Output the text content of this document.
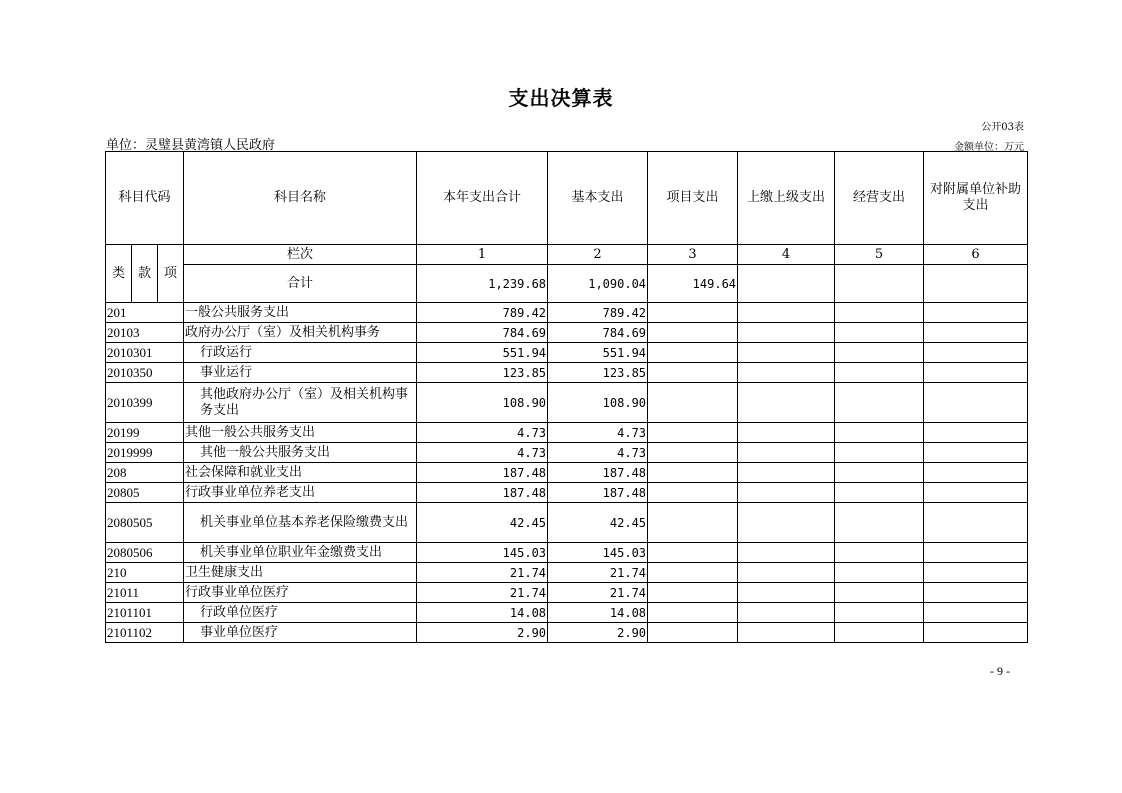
支出决算表
公开03表
单位：灵璧县黄湾镇人民政府	金额单位：万元
科目代码			科目名称	本年支出合计	基本支出	项目支出	上缴上级支出	经营支出	对附属单位补助支出
类	款	项	栏次	1	2	3	4	5	6
			合计	1,239.68	1,090.04	149.64			
201			一般公共服务支出	789.42	789.42				
20103			政府办公厅（室）及相关机构事务	784.69	784.69				
2010301			行政运行	551.94	551.94				
2010350			事业运行	123.85	123.85				
2010399			其他政府办公厅（室）及相关机构事务支出	108.90	108.90				
20199			其他一般公共服务支出	4.73	4.73				
2019999			其他一般公共服务支出	4.73	4.73				
208			社会保障和就业支出	187.48	187.48				
20805			行政事业单位养老支出	187.48	187.48				
2080505			机关事业单位基本养老保险缴费支出	42.45	42.45				
2080506			机关事业单位职业年金缴费支出	145.03	145.03				
210			卫生健康支出	21.74	21.74				
21011			行政事业单位医疗	21.74	21.74				
2101101			行政单位医疗	14.08	14.08				
2101102			事业单位医疗	2.90	2.90				
- 9 -
